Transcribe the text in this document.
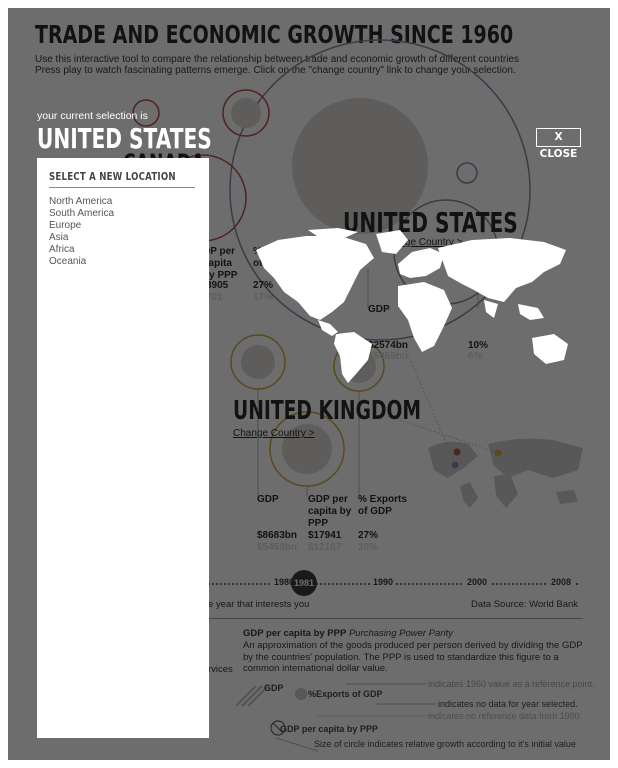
your current selection is
UNITED STATES	X CLOSE
SELECT A NEW LOCATION
North America
South America
Europe
Asia
Africa
Oceania
